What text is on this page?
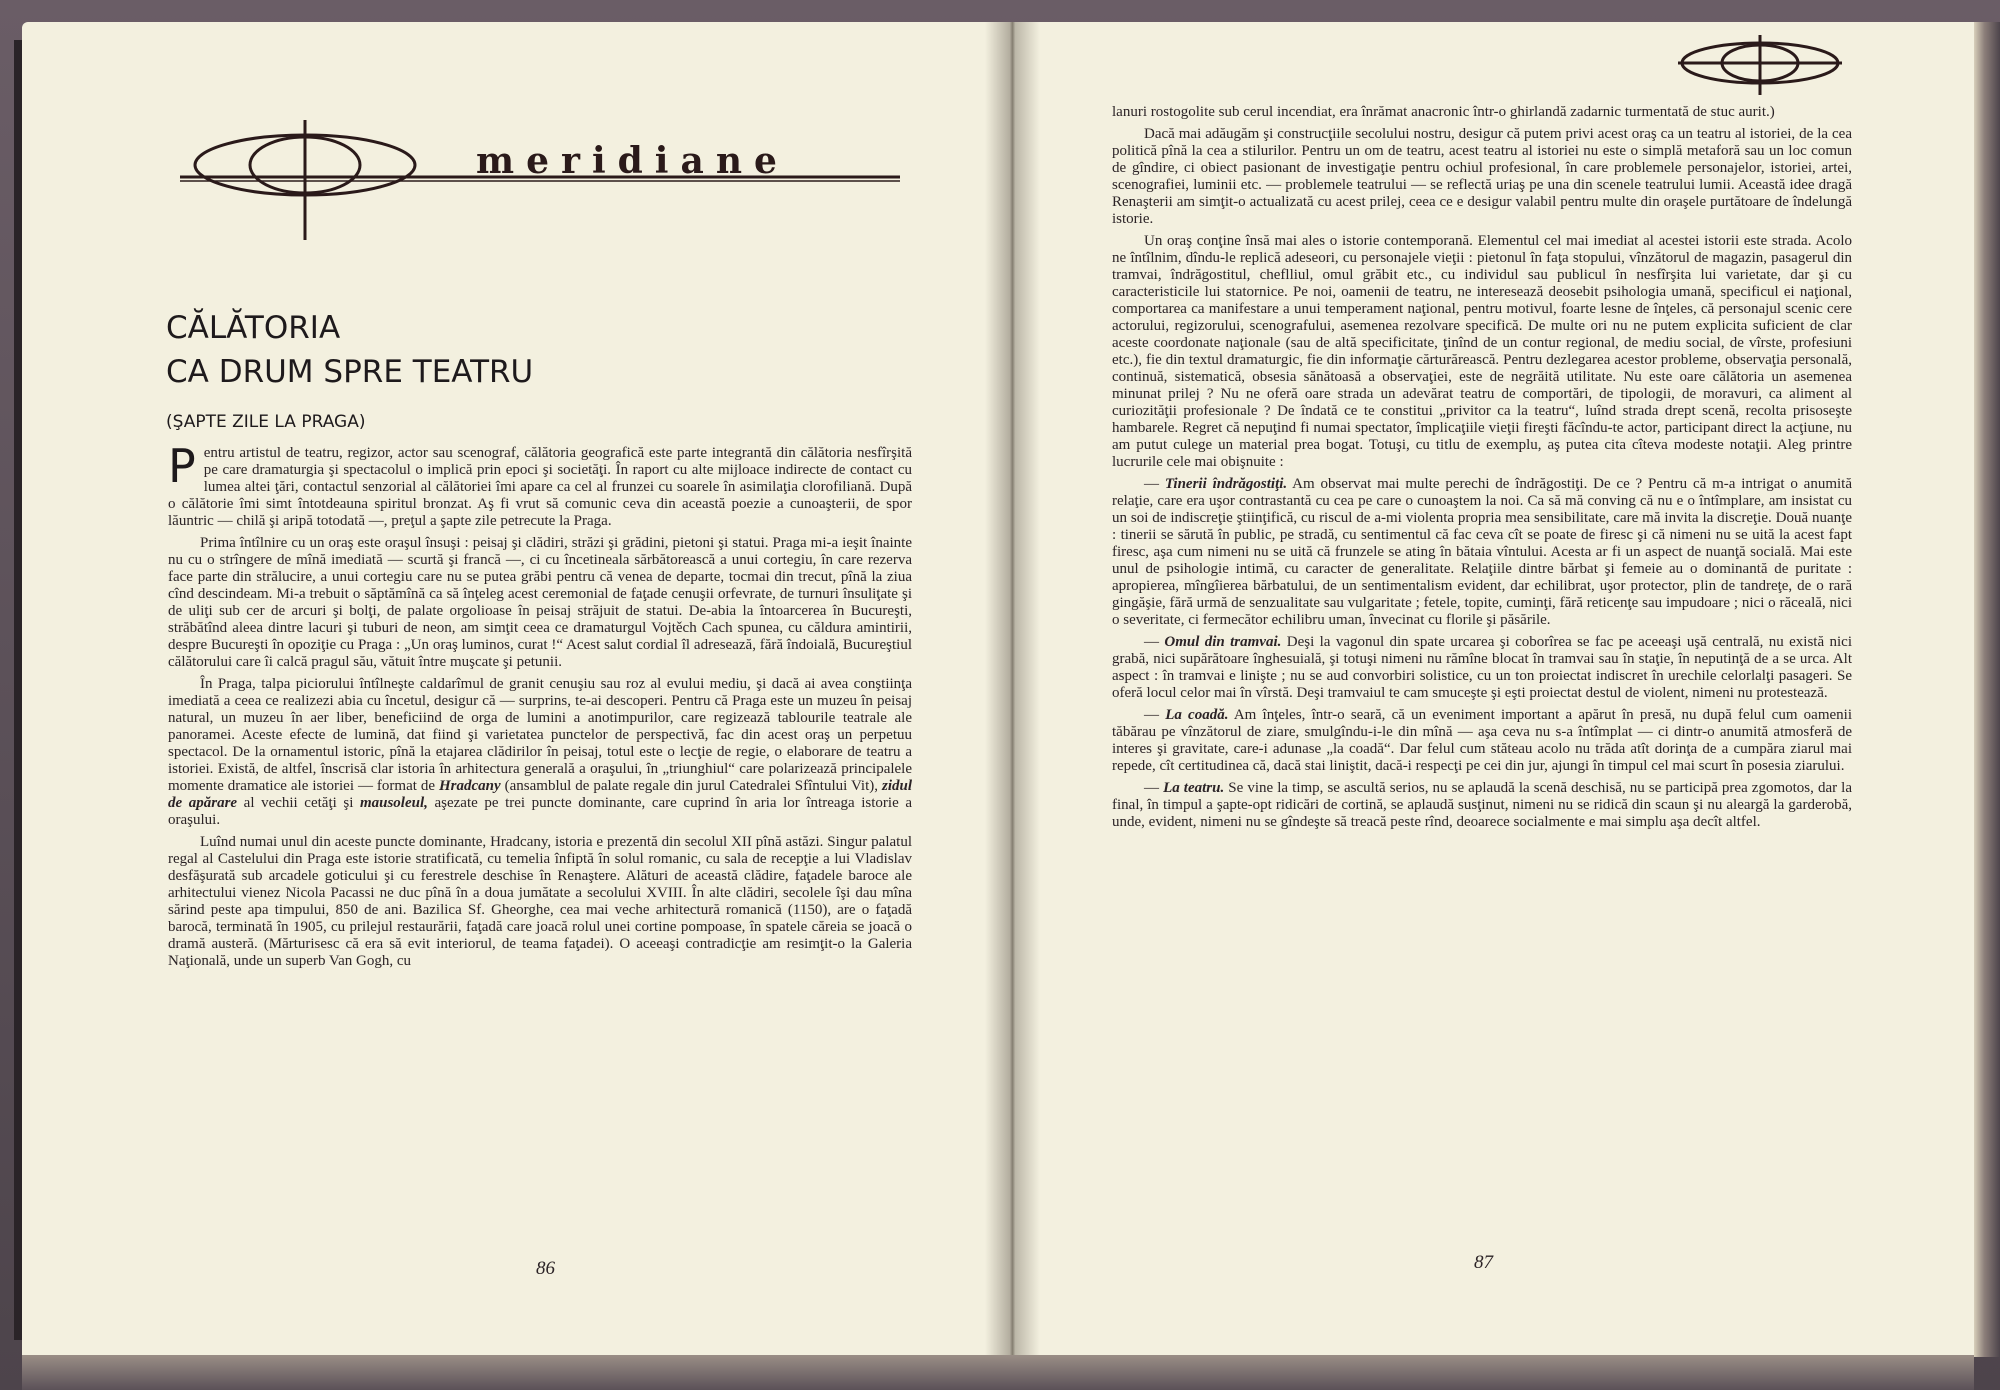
meridiane
CĂLĂTORIA
CA DRUM SPRE TEATRU
(ŞAPTE ZILE LA PRAGA)

Pentru artistul de teatru, regizor, actor sau scenograf, călătoria geografică este parte integrantă din călătoria nesfîrşită pe care dramaturgia şi spectacolul o implică prin epoci şi societăţi. În raport cu alte mijloace indirecte de contact cu lumea altei ţări, contactul senzorial al călătoriei îmi apare ca cel al frunzei cu soarele în asimilaţia clorofiliană. După o călătorie îmi simt întotdeauna spiritul bronzat. Aş fi vrut să comunic ceva din această poezie a cunoaşterii, de spor lăuntric — chilă şi aripă totodată —, preţul a şapte zile petrecute la Praga.

Prima întîlnire cu un oraş este oraşul însuşi : peisaj şi clădiri, străzi şi grădini, pietoni şi statui. Praga mi-a ieşit înainte nu cu o strîngere de mînă imediată — scurtă şi francă —, ci cu încetineala sărbătorească a unui cortegiu, în care rezerva face parte din strălucire, a unui cortegiu care nu se putea grăbi pentru că venea de departe, tocmai din trecut, pînă la ziua cînd descindeam. Mi-a trebuit o săptămînă ca să înţeleg acest ceremonial de faţade cenuşii orfevrate, de turnuri însuliţate şi de uliţi sub cer de arcuri şi bolţi, de palate orgolioase în peisaj străjuit de statui. De-abia la întoarcerea în Bucureşti, străbătînd aleea dintre lacuri şi tuburi de neon, am simţit ceea ce dramaturgul Vojtěch Cach spunea, cu căldura amintirii, despre Bucureşti în opoziţie cu Praga : „Un oraş luminos, curat !“ Acest salut cordial îl adresează, fără îndoială, Bucureştiul călătorului care îi calcă pragul său, vătuit între muşcate şi petunii.

În Praga, talpa piciorului întîlneşte caldarîmul de granit cenuşiu sau roz al evului mediu, şi dacă ai avea conştiinţa imediată a ceea ce realizezi abia cu încetul, desigur că — surprins, te-ai descoperi. Pentru că Praga este un muzeu în peisaj natural, un muzeu în aer liber, beneficiind de orga de lumini a anotimpurilor, care regizează tablourile teatrale ale panoramei. Aceste efecte de lumină, dat fiind şi varietatea punctelor de perspectivă, fac din acest oraş un perpetuu spectacol. De la ornamentul istoric, pînă la etajarea clădirilor în peisaj, totul este o lecţie de regie, o elaborare de teatru a istoriei. Există, de altfel, înscrisă clar istoria în arhitectura generală a oraşului, în „triunghiul“ care polarizează principalele momente dramatice ale istoriei — format de Hradcany (ansamblul de palate regale din jurul Catedralei Sfîntului Vit), zidul de apărare al vechii cetăţi şi mausoleul, aşezate pe trei puncte dominante, care cuprind în aria lor întreaga istorie a oraşului.

Luînd numai unul din aceste puncte dominante, Hradcany, istoria e prezentă din secolul XII pînă astăzi. Singur palatul regal al Castelului din Praga este istorie stratificată, cu temelia înfiptă în solul romanic, cu sala de recepţie a lui Vladislav desfăşurată sub arcadele goticului şi cu ferestrele deschise în Renaştere. Alături de această clădire, faţadele baroce ale arhitectului vienez Nicola Pacassi ne duc pînă în a doua jumătate a secolului XVIII. În alte clădiri, secolele îşi dau mîna sărind peste apa timpului, 850 de ani. Bazilica Sf. Gheorghe, cea mai veche arhitectură romanică (1150), are o faţadă barocă, terminată în 1905, cu prilejul restaurării, faţadă care joacă rolul unei cortine pompoase, în spatele căreia se joacă o dramă austeră. (Mărturisesc că era să evit interiorul, de teama faţadei). O aceeaşi contradicţie am resimţit-o la Galeria Naţională, unde un superb Van Gogh, cu

86

lanuri rostogolite sub cerul incendiat, era înrămat anacronic într-o ghirlandă zadarnic turmentată de stuc aurit.)

Dacă mai adăugăm şi construcţiile secolului nostru, desigur că putem privi acest oraş ca un teatru al istoriei, de la cea politică pînă la cea a stilurilor. Pentru un om de teatru, acest teatru al istoriei nu este o simplă metaforă sau un loc comun de gîndire, ci obiect pasionant de investigaţie pentru ochiul profesional, în care problemele personajelor, istoriei, artei, scenografiei, luminii etc. — problemele teatrului — se reflectă uriaş pe una din scenele teatrului lumii. Această idee dragă Renaşterii am simţit-o actualizată cu acest prilej, ceea ce e desigur valabil pentru multe din oraşele purtătoare de îndelungă istorie.

Un oraş conţine însă mai ales o istorie contemporană. Elementul cel mai imediat al acestei istorii este strada. Acolo ne întîlnim, dîndu-le replică adeseori, cu personajele vieţii : pietonul în faţa stopului, vînzătorul de magazin, pasagerul din tramvai, îndrăgostitul, cheflliul, omul grăbit etc., cu individul sau publicul în nesfîrşita lui varietate, dar şi cu caracteristicile lui statornice. Pe noi, oamenii de teatru, ne interesează deosebit psihologia umană, specificul ei naţional, comportarea ca manifestare a unui temperament naţional, pentru motivul, foarte lesne de înţeles, că personajul scenic cere actorului, regizorului, scenografului, asemenea rezolvare specifică. De multe ori nu ne putem explicita suficient de clar aceste coordonate naţionale (sau de altă specificitate, ţinînd de un contur regional, de mediu social, de vîrste, profesiuni etc.), fie din textul dramaturgic, fie din informaţie cărturărească. Pentru dezlegarea acestor probleme, observaţia personală, continuă, sistematică, obsesia sănătoasă a observaţiei, este de negrăită utilitate. Nu este oare călătoria un asemenea minunat prilej ? Nu ne oferă oare strada un adevărat teatru de comportări, de tipologii, de moravuri, ca aliment al curiozităţii profesionale ? De îndată ce te constitui „privitor ca la teatru“, luînd strada drept scenă, recolta prisoseşte hambarele. Regret că nepuţind fi numai spectator, împlicaţiile vieţii fireşti făcîndu-te actor, participant direct la acţiune, nu am putut culege un material prea bogat. Totuşi, cu titlu de exemplu, aş putea cita cîteva modeste notaţii. Aleg printre lucrurile cele mai obişnuite :

— Tinerii îndrăgostiţi. Am observat mai multe perechi de îndrăgostiţi. De ce ? Pentru că m-a intrigat o anumită relaţie, care era uşor contrastantă cu cea pe care o cunoaştem la noi. Ca să mă conving că nu e o întîmplare, am insistat cu un soi de indiscreţie ştiinţifică, cu riscul de a-mi violenta propria mea sensibilitate, care mă invita la discreţie. Două nuanţe : tinerii se sărută în public, pe stradă, cu sentimentul că fac ceva cît se poate de firesc şi că nimeni nu se uită la acest fapt firesc, aşa cum nimeni nu se uită că frunzele se ating în bătaia vîntului. Acesta ar fi un aspect de nuanţă socială. Mai este unul de psihologie intimă, cu caracter de generalitate. Relaţiile dintre bărbat şi femeie au o dominantă de puritate : apropierea, mîngîierea bărbatului, de un sentimentalism evident, dar echilibrat, uşor protector, plin de tandreţe, de o rară gingăşie, fără urmă de senzualitate sau vulgaritate ; fetele, topite, cuminţi, fără reticenţe sau impudoare ; nici o răceală, nici o severitate, ci fermecător echilibru uman, învecinat cu florile şi păsările.

— Omul din tramvai. Deşi la vagonul din spate urcarea şi coborîrea se fac pe aceeaşi uşă centrală, nu există nici grabă, nici supărătoare înghesuială, şi totuşi nimeni nu rămîne blocat în tramvai sau în staţie, în neputinţă de a se urca. Alt aspect : în tramvai e linişte ; nu se aud convorbiri solistice, cu un ton proiectat indiscret în urechile celorlalţi pasageri. Se oferă locul celor mai în vîrstă. Deşi tramvaiul te cam smuceşte şi eşti proiectat destul de violent, nimeni nu protestează.

— La coadă. Am înţeles, într-o seară, că un eveniment important a apărut în presă, nu după felul cum oamenii tăbărau pe vînzătorul de ziare, smulgîndu-i-le din mînă — aşa ceva nu s-a întîmplat — ci dintr-o anumită atmosferă de interes şi gravitate, care-i adunase „la coadă“. Dar felul cum stăteau acolo nu trăda atît dorinţa de a cumpăra ziarul mai repede, cît certitudinea că, dacă stai liniştit, dacă-i respecţi pe cei din jur, ajungi în timpul cel mai scurt în posesia ziarului.

— La teatru. Se vine la timp, se ascultă serios, nu se aplaudă la scenă deschisă, nu se participă prea zgomotos, dar la final, în timpul a şapte-opt ridicări de cortină, se aplaudă susţinut, nimeni nu se ridică din scaun şi nu aleargă la garderobă, unde, evident, nimeni nu se gîndeşte să treacă peste rînd, deoarece socialmente e mai simplu aşa decît altfel.

87
